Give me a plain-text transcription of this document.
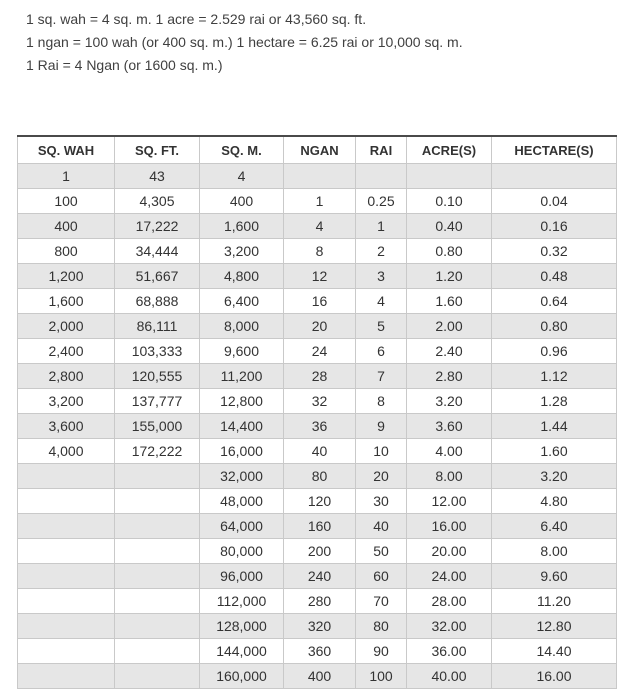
1 sq. wah = 4 sq. m. 1 acre = 2.529 rai or 43,560 sq. ft.

1 ngan = 100 wah (or 400 sq. m.) 1 hectare = 6.25 rai or 10,000 sq. m.

1 Rai = 4 Ngan (or 1600 sq. m.)

SQ. WAH	SQ. FT.	SQ. M.	NGAN	RAI	ACRE(S)	HECTARE(S)
1	43	4				
100	4,305	400	1	0.25	0.10	0.04
400	17,222	1,600	4	1	0.40	0.16
800	34,444	3,200	8	2	0.80	0.32
1,200	51,667	4,800	12	3	1.20	0.48
1,600	68,888	6,400	16	4	1.60	0.64
2,000	86,111	8,000	20	5	2.00	0.80
2,400	103,333	9,600	24	6	2.40	0.96
2,800	120,555	11,200	28	7	2.80	1.12
3,200	137,777	12,800	32	8	3.20	1.28
3,600	155,000	14,400	36	9	3.60	1.44
4,000	172,222	16,000	40	10	4.00	1.60
		32,000	80	20	8.00	3.20
		48,000	120	30	12.00	4.80
		64,000	160	40	16.00	6.40
		80,000	200	50	20.00	8.00
		96,000	240	60	24.00	9.60
		112,000	280	70	28.00	11.20
		128,000	320	80	32.00	12.80
		144,000	360	90	36.00	14.40
		160,000	400	100	40.00	16.00
